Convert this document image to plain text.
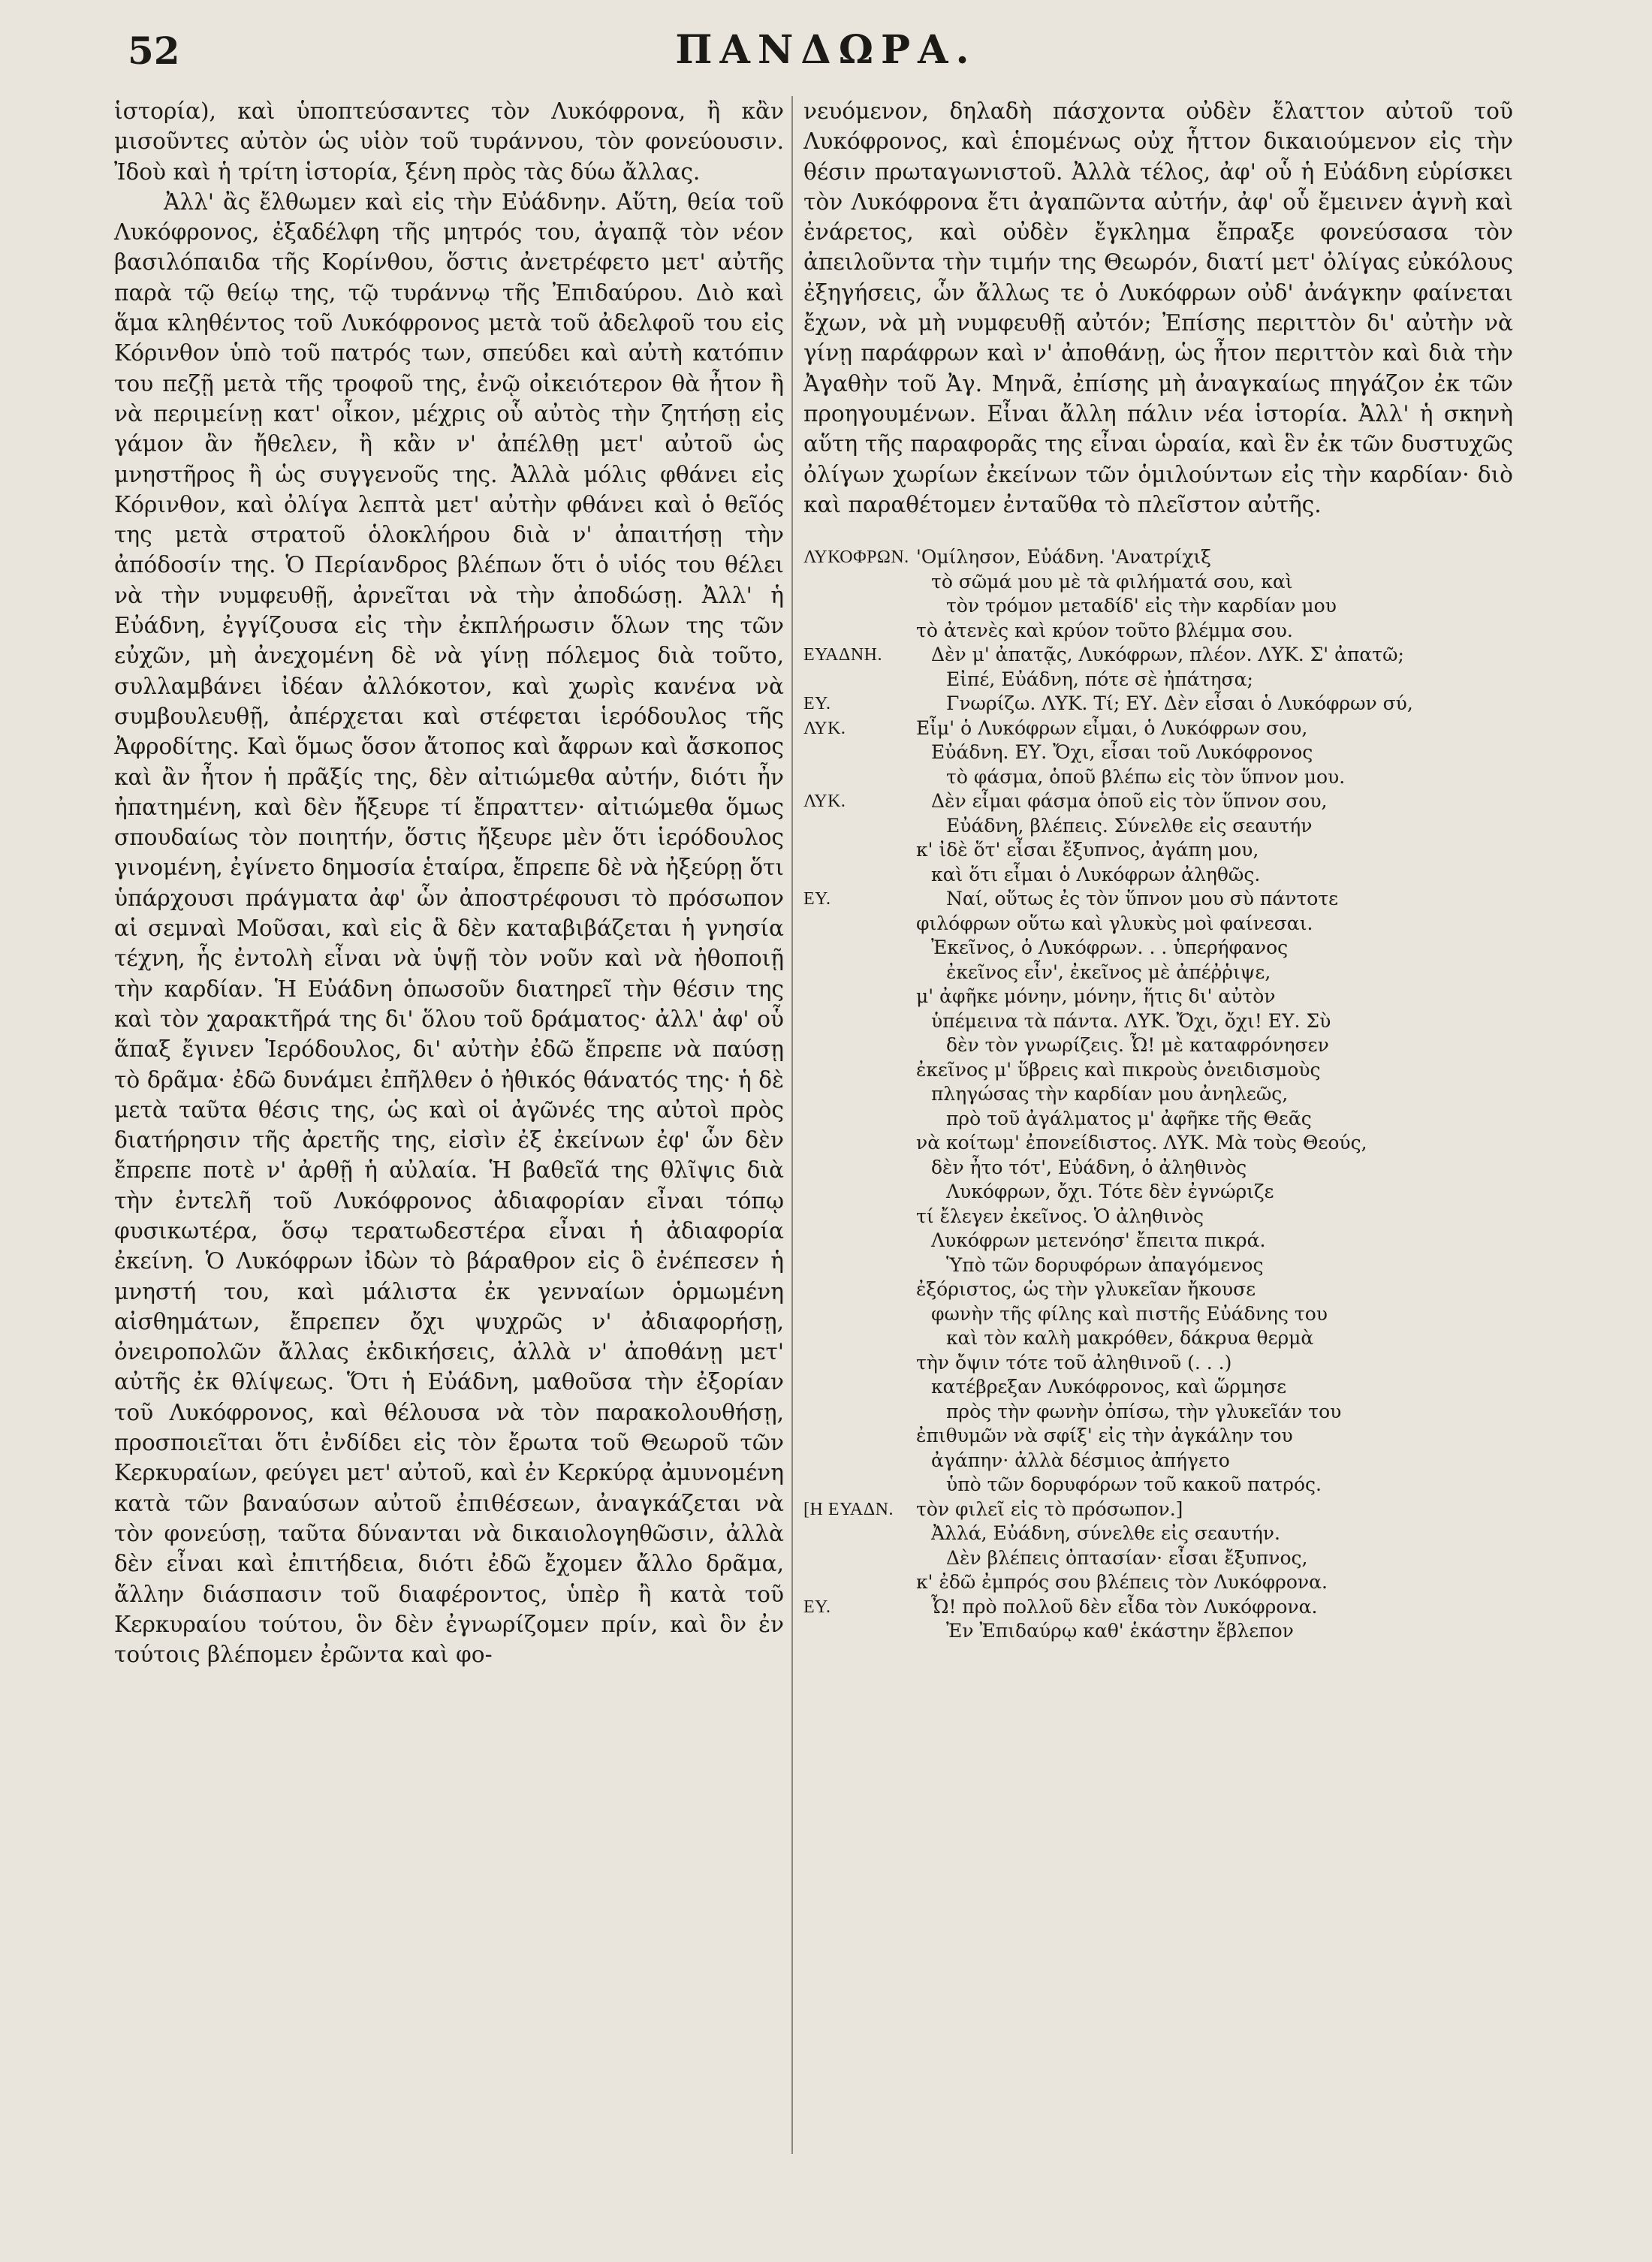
52	ΠΑΝΔΩΡΑ.

ἱστορία), καὶ ὑποπτεύσαντες τὸν Λυκόφρονα, ἢ κἂν μισοῦντες αὐτὸν ὡς υἱὸν τοῦ τυράννου, τὸν φονεύουσιν. Ἰδοὺ καὶ ἡ τρίτη ἱστορία, ξένη πρὸς τὰς δύω ἄλλας.

Ἀλλ' ἂς ἔλθωμεν καὶ εἰς τὴν Εὐάδνην. Αὕτη, θεία τοῦ Λυκόφρονος, ἐξαδέλφη τῆς μητρός του, ἀγαπᾷ τὸν νέον βασιλόπαιδα τῆς Κορίνθου, ὅστις ἀνετρέφετο μετ' αὐτῆς παρὰ τῷ θείῳ της, τῷ τυράννῳ τῆς Ἐπιδαύρου. Διὸ καὶ ἅμα κληθέντος τοῦ Λυκόφρονος μετὰ τοῦ ἀδελφοῦ του εἰς Κόρινθον ὑπὸ τοῦ πατρός των, σπεύδει καὶ αὐτὴ κατόπιν του πεζῇ μετὰ τῆς τροφοῦ της, ἐνῷ οἰκειότερον θὰ ἦτον ἢ νὰ περιμείνῃ κατ' οἶκον, μέχρις οὗ αὐτὸς τὴν ζητήσῃ εἰς γάμον ἂν ἤθελεν, ἢ κἂν ν' ἀπέλθῃ μετ' αὐτοῦ ὡς μνηστῆρος ἢ ὡς συγγενοῦς της. Ἀλλὰ μόλις φθάνει εἰς Κόρινθον, καὶ ὀλίγα λεπτὰ μετ' αὐτὴν φθάνει καὶ ὁ θεῖός της μετὰ στρατοῦ ὁλοκλήρου διὰ ν' ἀπαιτήσῃ τὴν ἀπόδοσίν της. Ὁ Περίανδρος βλέπων ὅτι ὁ υἱός του θέλει νὰ τὴν νυμφευθῇ, ἀρνεῖται νὰ τὴν ἀποδώσῃ. Ἀλλ' ἡ Εὐάδνη, ἐγγίζουσα εἰς τὴν ἐκπλήρωσιν ὅλων της τῶν εὐχῶν, μὴ ἀνεχομένη δὲ νὰ γίνῃ πόλεμος διὰ τοῦτο, συλλαμβάνει ἰδέαν ἀλλόκοτον, καὶ χωρὶς κανένα νὰ συμβουλευθῇ, ἀπέρχεται καὶ στέφεται ἱερόδουλος τῆς Ἀφροδίτης. Καὶ ὅμως ὅσον ἄτοπος καὶ ἄφρων καὶ ἄσκοπος καὶ ἂν ἦτον ἡ πρᾶξίς της, δὲν αἰτιώμεθα αὐτήν, διότι ἦν ἠπατημένη, καὶ δὲν ἤξευρε τί ἔπραττεν· αἰτιώμεθα ὅμως σπουδαίως τὸν ποιητήν, ὅστις ἤξευρε μὲν ὅτι ἱερόδουλος γινομένη, ἐγίνετο δημοσία ἑταίρα, ἔπρεπε δὲ νὰ ἠξεύρῃ ὅτι ὑπάρχουσι πράγματα ἀφ' ὧν ἀποστρέφουσι τὸ πρόσωπον αἱ σεμναὶ Μοῦσαι, καὶ εἰς ἃ δὲν καταβιβάζεται ἡ γνησία τέχνη, ἧς ἐντολὴ εἶναι νὰ ὑψῇ τὸν νοῦν καὶ νὰ ἠθοποιῇ τὴν καρδίαν. Ἡ Εὐάδνη ὁπωσοῦν διατηρεῖ τὴν θέσιν της καὶ τὸν χαρακτῆρά της δι' ὅλου τοῦ δράματος· ἀλλ' ἀφ' οὗ ἅπαξ ἔγινεν Ἱερόδουλος, δι' αὐτὴν ἐδῶ ἔπρεπε νὰ παύσῃ τὸ δρᾶμα· ἐδῶ δυνάμει ἐπῆλθεν ὁ ἠθικός θάνατός της· ἡ δὲ μετὰ ταῦτα θέσις της, ὡς καὶ οἱ ἀγῶνές της αὐτοὶ πρὸς διατήρησιν τῆς ἀρετῆς της, εἰσὶν ἐξ ἐκείνων ἐφ' ὧν δὲν ἔπρεπε ποτὲ ν' ἀρθῇ ἡ αὐλαία. Ἡ βαθεῖά της θλῖψις διὰ τὴν ἐντελῆ τοῦ Λυκόφρονος ἀδιαφορίαν εἶναι τόπῳ φυσικωτέρα, ὅσῳ τερατωδεστέρα εἶναι ἡ ἀδιαφορία ἐκείνη. Ὁ Λυκόφρων ἰδὼν τὸ βάραθρον εἰς ὃ ἐνέπεσεν ἡ μνηστή του, καὶ μάλιστα ἐκ γενναίων ὁρμωμένη αἰσθημάτων, ἔπρεπεν ὄχι ψυχρῶς ν' ἀδιαφορήσῃ, ὀνειροπολῶν ἄλλας ἐκδικήσεις, ἀλλὰ ν' ἀποθάνῃ μετ' αὐτῆς ἐκ θλίψεως. Ὅτι ἡ Εὐάδνη, μαθοῦσα τὴν ἐξορίαν τοῦ Λυκόφρονος, καὶ θέλουσα νὰ τὸν παρακολουθήσῃ, προσποιεῖται ὅτι ἐνδίδει εἰς τὸν ἔρωτα τοῦ Θεωροῦ τῶν Κερκυραίων, φεύγει μετ' αὐτοῦ, καὶ ἐν Κερκύρᾳ ἀμυνομένη κατὰ τῶν βαναύσων αὐτοῦ ἐπιθέσεων, ἀναγκάζεται νὰ τὸν φονεύσῃ, ταῦτα δύνανται νὰ δικαιολογηθῶσιν, ἀλλὰ δὲν εἶναι καὶ ἐπιτήδεια, διότι ἐδῶ ἔχομεν ἄλλο δρᾶμα, ἄλλην διάσπασιν τοῦ διαφέροντος, ὑπὲρ ἢ κατὰ τοῦ Κερκυραίου τούτου, ὃν δὲν ἐγνωρίζομεν πρίν, καὶ ὃν ἐν τούτοις βλέπομεν ἐρῶντα καὶ φο-

νευόμενον, δηλαδὴ πάσχοντα οὐδὲν ἔλαττον αὐτοῦ τοῦ Λυκόφρονος, καὶ ἑπομένως οὐχ ἧττον δικαιούμενον εἰς τὴν θέσιν πρωταγωνιστοῦ. Ἀλλὰ τέλος, ἀφ' οὗ ἡ Εὐάδνη εὑρίσκει τὸν Λυκόφρονα ἔτι ἀγαπῶντα αὐτήν, ἀφ' οὗ ἔμεινεν ἁγνὴ καὶ ἐνάρετος, καὶ οὐδὲν ἔγκλημα ἔπραξε φονεύσασα τὸν ἀπειλοῦντα τὴν τιμήν της Θεωρόν, διατί μετ' ὀλίγας εὐκόλους ἐξηγήσεις, ὧν ἄλλως τε ὁ Λυκόφρων οὐδ' ἀνάγκην φαίνεται ἔχων, νὰ μὴ νυμφευθῇ αὐτόν; Ἐπίσης περιττὸν δι' αὐτὴν νὰ γίνῃ παράφρων καὶ ν' ἀποθάνῃ, ὡς ἦτον περιττὸν καὶ διὰ τὴν Ἀγαθὴν τοῦ Ἀγ. Μηνᾶ, ἐπίσης μὴ ἀναγκαίως πηγάζον ἐκ τῶν προηγουμένων. Εἶναι ἄλλη πάλιν νέα ἱστορία. Ἀλλ' ἡ σκηνὴ αὕτη τῆς παραφορᾶς της εἶναι ὡραία, καὶ ἓν ἐκ τῶν δυστυχῶς ὀλίγων χωρίων ἐκείνων τῶν ὁμιλούντων εἰς τὴν καρδίαν· διὸ καὶ παραθέτομεν ἐνταῦθα τὸ πλεῖστον αὐτῆς.
ΛΥΚΟΦΡΩΝ. 'Ομίλησον, Εὐάδνη. 'Ανατρίχιξ
τὸ σῶμά μου μὲ τὰ φιλήματά σου, καὶ
τὸν τρόμον μεταδίδ' εἰς τὴν καρδίαν μου
τὸ ἀτενὲς καὶ κρύον τοῦτο βλέμμα σου.
ΕΥΑΔΝΗ.	Δὲν μ' ἀπατᾷς, Λυκόφρων, πλέον. ΛΥΚ. Σ' ἀπατῶ;
Εἰπέ, Εὐάδνη, πότε σὲ ἠπάτησα;
ΕΥ.	Γνωρίζω. ΛΥΚ. Τί; ΕΥ. Δὲν εἶσαι ὁ Λυκόφρων σύ,
ΛΥΚ.	Εἶμ' ὁ Λυκόφρων εἶμαι, ὁ Λυκόφρων σου,
Εὐάδνη. ΕΥ. Ὄχι, εἶσαι τοῦ Λυκόφρονος
τὸ φάσμα, ὁποῦ βλέπω εἰς τὸν ὕπνον μου.
ΛΥΚ.	Δὲν εἶμαι φάσμα ὁποῦ εἰς τὸν ὕπνον σου,
Εὐάδνη, βλέπεις. Σύνελθε εἰς σεαυτήν
κ' ἰδὲ ὅτ' εἶσαι ἔξυπνος, ἀγάπη μου,
καὶ ὅτι εἶμαι ὁ Λυκόφρων ἀληθῶς.
ΕΥ.	Ναί, οὕτως ἐς τὸν ὕπνον μου σὺ πάντοτε
φιλόφρων οὕτω καὶ γλυκὺς μοὶ φαίνεσαι.
Ἐκεῖνος, ὁ Λυκόφρων. . . ὑπερήφανος
ἐκεῖνος εἶν', ἐκεῖνος μὲ ἀπέῤῥιψε,
μ' ἀφῆκε μόνην, μόνην, ἥτις δι' αὐτὸν
ὑπέμεινα τὰ πάντα. ΛΥΚ. Ὄχι, ὄχι! ΕΥ. Σὺ
δὲν τὸν γνωρίζεις. Ὦ! μὲ καταφρόνησεν
ἐκεῖνος μ' ὕβρεις καὶ πικροὺς ὀνειδισμοὺς
πληγώσας τὴν καρδίαν μου ἀνηλεῶς,
πρὸ τοῦ ἀγάλματος μ' ἀφῆκε τῆς Θεᾶς
νὰ κοίτωμ' ἐπονείδιστος. ΛΥΚ. Μὰ τοὺς Θεούς,
δὲν ἦτο τότ', Εὐάδνη, ὁ ἀληθινὸς
Λυκόφρων, ὄχι. Τότε δὲν ἐγνώριζε
τί ἔλεγεν ἐκεῖνος. Ὁ ἀληθινὸς
Λυκόφρων μετενόησ' ἔπειτα πικρά.
Ὑπὸ τῶν δορυφόρων ἀπαγόμενος
ἐξόριστος, ὡς τὴν γλυκεῖαν ἤκουσε
φωνὴν τῆς φίλης καὶ πιστῆς Εὐάδνης του
καὶ τὸν καλὴ μακρόθεν, δάκρυα θερμὰ
τὴν ὄψιν τότε τοῦ ἀληθινοῦ (. . .)
κατέβρεξαν Λυκόφρονος, καὶ ὥρμησε
πρὸς τὴν φωνὴν ὀπίσω, τὴν γλυκεῖάν του
ἐπιθυμῶν νὰ σφίξ' εἰς τὴν ἀγκάλην του
ἀγάπην· ἀλλὰ δέσμιος ἀπήγετο
ὑπὸ τῶν δορυφόρων τοῦ κακοῦ πατρός.
[Η ΕΥΑΔΝ.	τὸν φιλεῖ εἰς τὸ πρόσωπον.]
Ἀλλά, Εὐάδνη, σύνελθε εἰς σεαυτήν.
Δὲν βλέπεις ὀπτασίαν· εἶσαι ἔξυπνος,
κ' ἐδῶ ἐμπρός σου βλέπεις τὸν Λυκόφρονα.
ΕΥ.	Ὦ! πρὸ πολλοῦ δὲν εἶδα τὸν Λυκόφρονα.
Ἐν Ἐπιδαύρῳ καθ' ἑκάστην ἔβλεπον
